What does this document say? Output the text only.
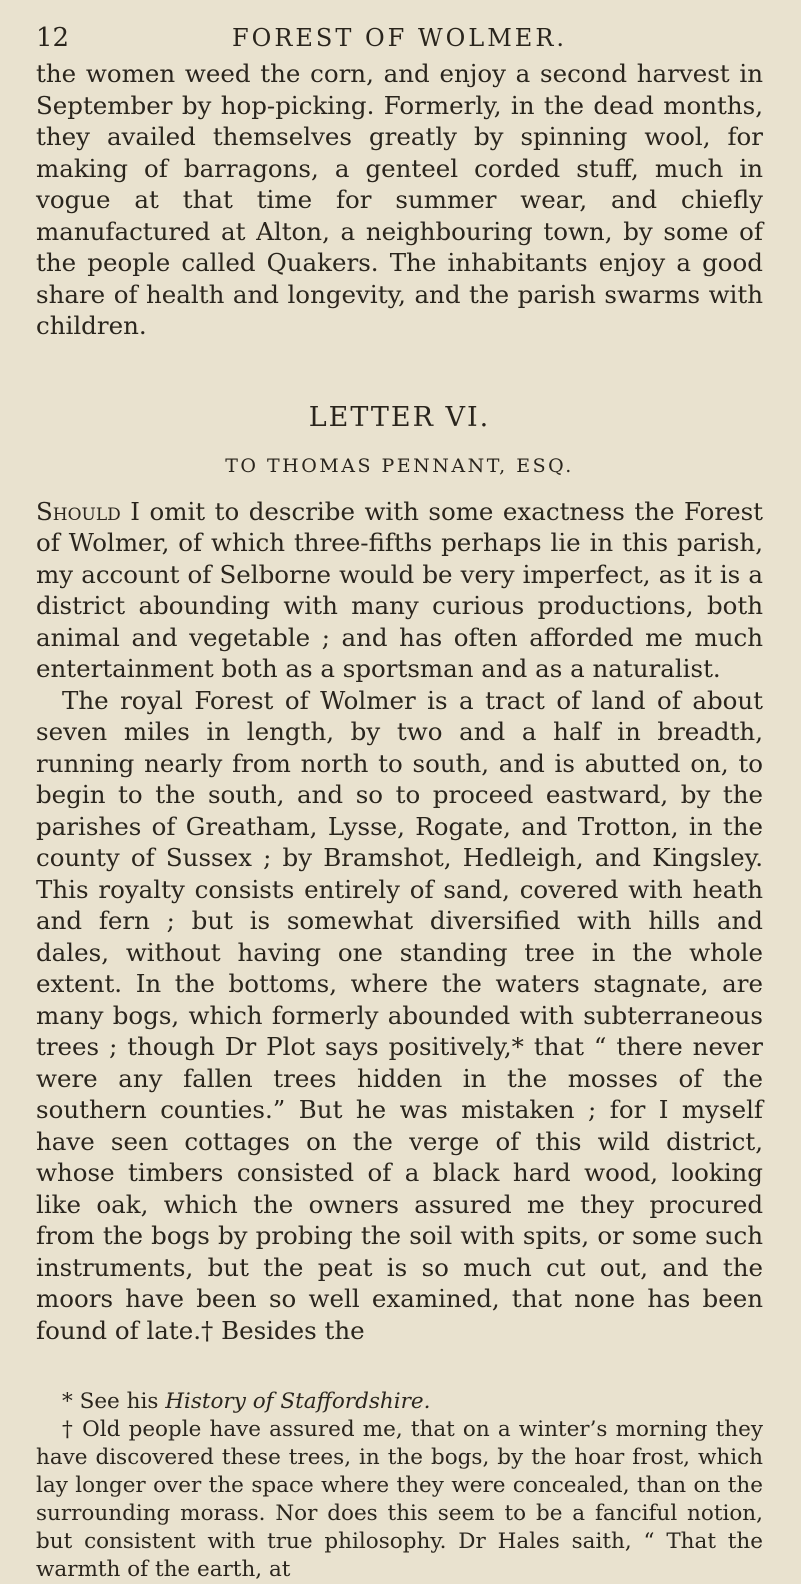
12	FOREST OF WOLMER.

the women weed the corn, and enjoy a second harvest in September by hop-picking. Formerly, in the dead months, they availed themselves greatly by spinning wool, for making of barragons, a genteel corded stuff, much in vogue at that time for summer wear, and chiefly manufactured at Alton, a neighbouring town, by some of the people called Quakers. The inhabitants enjoy a good share of health and longevity, and the parish swarms with children.

LETTER VI.
TO THOMAS PENNANT, ESQ.

Should I omit to describe with some exactness the Forest of Wolmer, of which three-fifths perhaps lie in this parish, my account of Selborne would be very imperfect, as it is a district abounding with many curious productions, both animal and vegetable ; and has often afforded me much entertainment both as a sportsman and as a naturalist.

The royal Forest of Wolmer is a tract of land of about seven miles in length, by two and a half in breadth, running nearly from north to south, and is abutted on, to begin to the south, and so to proceed eastward, by the parishes of Greatham, Lysse, Rogate, and Trotton, in the county of Sussex ; by Bramshot, Hedleigh, and Kingsley. This royalty consists entirely of sand, covered with heath and fern ; but is somewhat diversified with hills and dales, without having one standing tree in the whole extent. In the bottoms, where the waters stagnate, are many bogs, which formerly abounded with subterraneous trees ; though Dr Plot says positively,* that “ there never were any fallen trees hidden in the mosses of the southern counties.” But he was mistaken ; for I myself have seen cottages on the verge of this wild district, whose timbers consisted of a black hard wood, looking like oak, which the owners assured me they procured from the bogs by probing the soil with spits, or some such instruments, but the peat is so much cut out, and the moors have been so well examined, that none has been found of late.† Besides the

* See his History of Staffordshire.

† Old people have assured me, that on a winter’s morning they have discovered these trees, in the bogs, by the hoar frost, which lay longer over the space where they were concealed, than on the surrounding morass. Nor does this seem to be a fanciful notion, but consistent with true philosophy. Dr Hales saith, “ That the warmth of the earth, at
